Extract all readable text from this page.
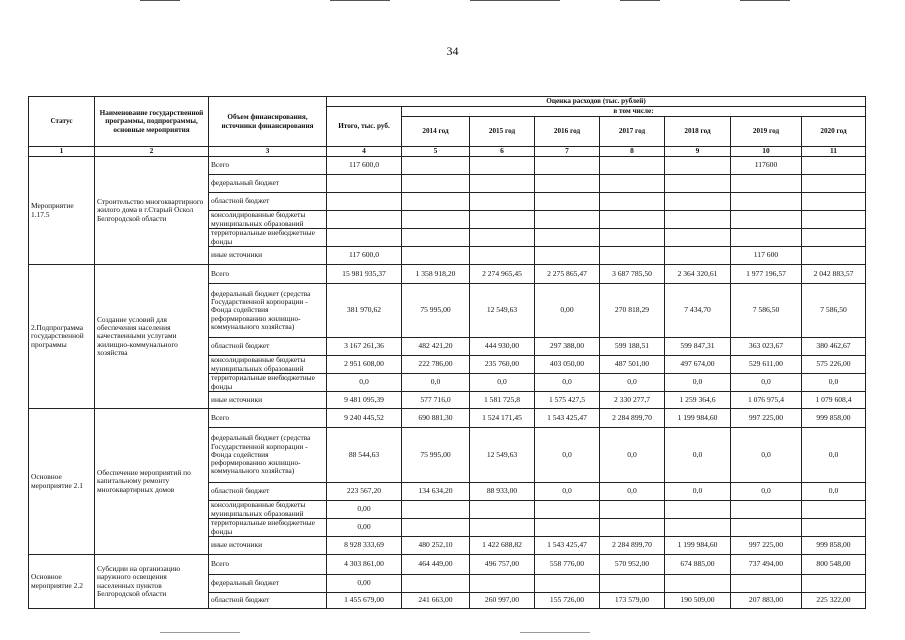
34
Статус	Наименование государственной программы, подпрограммы, основные мероприятия	Объем финансирования, источники финансирования	Оценка расходов (тыс. рублей)							
			Итого, тыс. руб.	в том числе:						
				2014 год	2015 год	2016 год	2017 год	2018 год	2019 год	2020 год
1	2	3	4	5	6	7	8	9	10	11
Мероприятие 1.17.5	Строительство многоквартирного жилого дома в г.Старый Оскол Белгородской области	Всего	117 600,0						117600	
		федеральный бюджет								
		областной бюджет								
		консолидированные бюджеты муниципальных образований								
		территориальные внебюджетные фонды								
		иные источники	117 600,0						117 600	
2.Подпрограмма государственной программы	Создание условий для обеспечения населения качественными услугами жилищно-коммунального хозяйства	Всего	15 981 935,37	1 358 918,20	2 274 965,45	2 275 865,47	3 687 785,50	2 364 320,61	1 977 196,57	2 042 883,57
		федеральный бюджет (средства Государственной корпорации - Фонда содействия реформированию жилищно-коммунального хозяйства)	381 970,62	75 995,00	12 549,63	0,00	270 818,29	7 434,70	7 586,50	7 586,50
		областной бюджет	3 167 261,36	482 421,20	444 930,00	297 388,00	599 188,51	599 847,31	363 023,67	380 462,67
		консолидированные бюджеты муниципальных образований	2 951 608,00	222 786,00	235 760,00	403 050,00	487 501,00	497 674,00	529 611,00	575 226,00
		территориальные внебюджетные фонды	0,0	0,0	0,0	0,0	0,0	0,0	0,0	0,0
		иные источники	9 481 095,39	577 716,0	1 581 725,8	1 575 427,5	2 330 277,7	1 259 364,6	1 076 975,4	1 079 608,4
Основное мероприятие 2.1	Обеспечение мероприятий по капитальному ремонту многоквартирных домов	Всего	9 240 445,52	690 881,30	1 524 171,45	1 543 425,47	2 284 899,70	1 199 984,60	997 225,00	999 858,00
		федеральный бюджет (средства Государственной корпорации - Фонда содействия реформированию жилищно-коммунального хозяйства)	88 544,63	75 995,00	12 549,63	0,0	0,0	0,0	0,0	0,0
		областной бюджет	223 567,20	134 634,20	88 933,00	0,0	0,0	0,0	0,0	0,0
		консолидированные бюджеты муниципальных образований	0,00							
		территориальные внебюджетные фонды	0,00							
		иные источники	8 928 333,69	480 252,10	1 422 688,82	1 543 425,47	2 284 899,70	1 199 984,60	997 225,00	999 858,00
Основное мероприятие 2.2	Субсидии на организацию наружного освещения населенных пунктов Белгородской области	Всего	4 303 861,00	464 449,00	496 757,00	558 776,00	570 952,00	674 885,00	737 494,00	800 548,00
		федеральный бюджет	0,00							
		областной бюджет	1 455 679,00	241 663,00	260 997,00	155 726,00	173 579,00	190 509,00	207 883,00	225 322,00
